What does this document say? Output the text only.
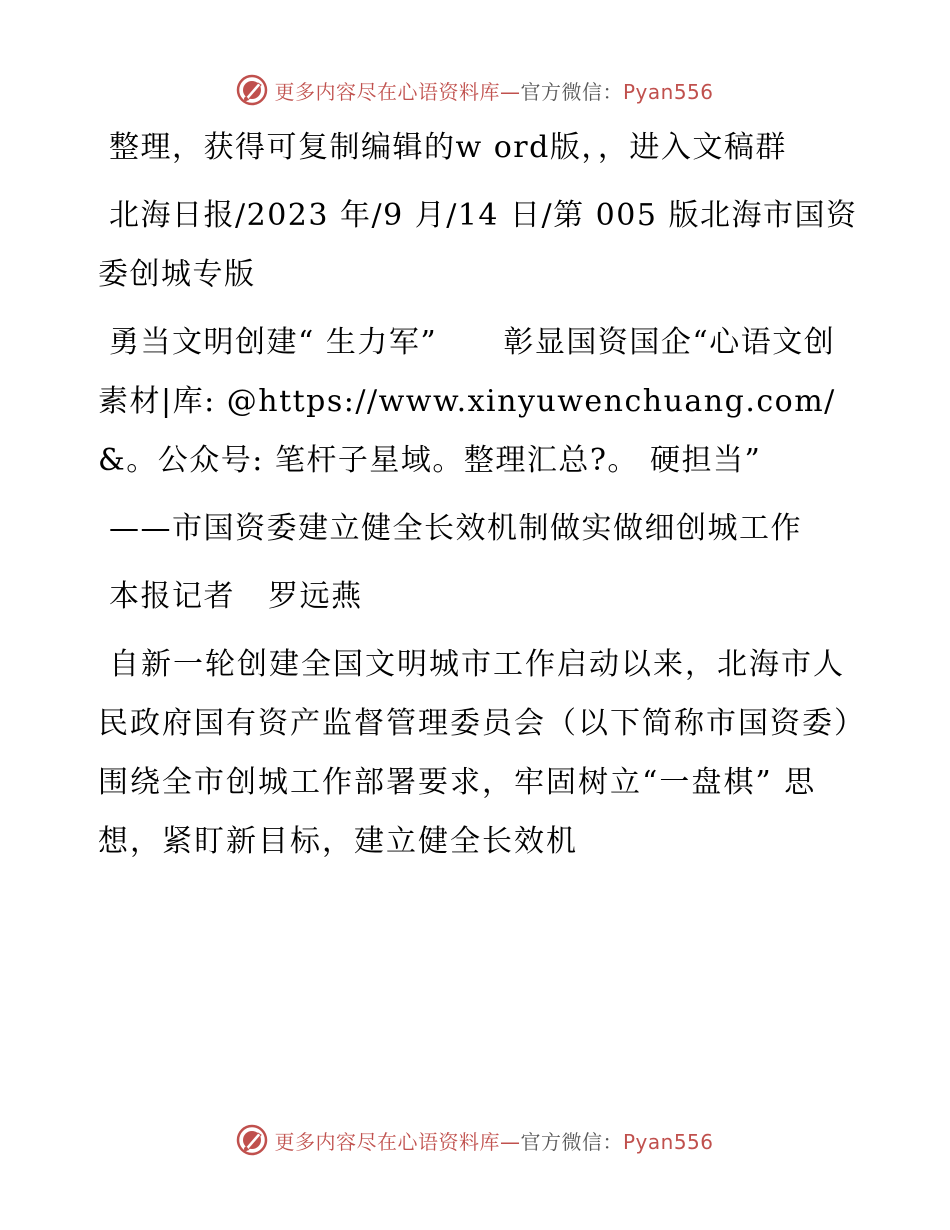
更多内容尽在心语资料库—官方微信：Pyan556

整理，获得可复制编辑的w ord版，，进入文稿群

北海日报/2023 年/9 月/14 日/第 005 版北海市国资委创城专版

勇当文明创建“ 生力军”      彰显国资国企“心语文创素材|库: @https://www.xinyuwenchuang.com/&。公众号: 笔杆子星域。整理汇总?。 硬担当”

——市国资委建立健全长效机制做实做细创城工作

本报记者   罗远燕

自新一轮创建全国文明城市工作启动以来，北海市人民政府国有资产监督管理委员会（以下简称市国资委）围绕全市创城工作部署要求，牢固树立“一盘棋” 思想，紧盯新目标，建立健全长效机

更多内容尽在心语资料库—官方微信：Pyan556
